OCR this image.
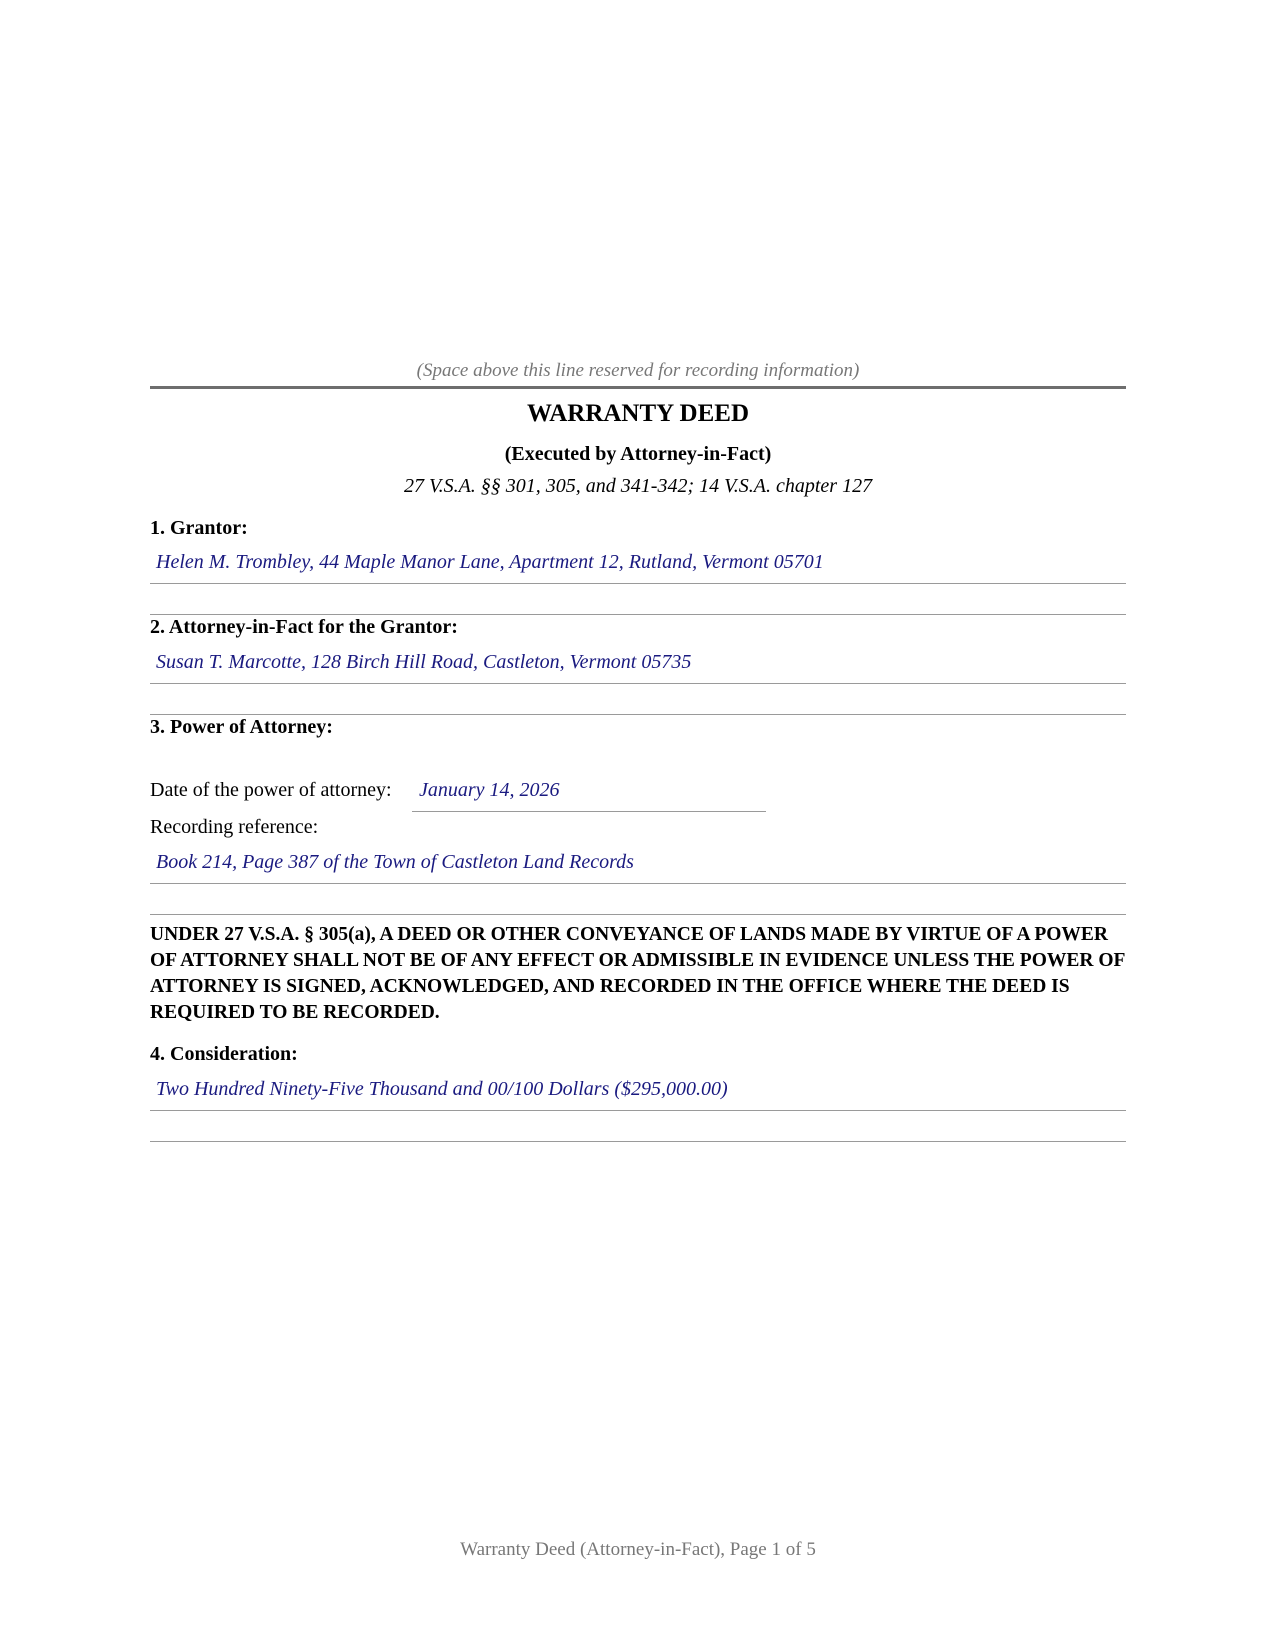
(Space above this line reserved for recording information)
WARRANTY DEED
(Executed by Attorney-in-Fact)
27 V.S.A. §§ 301, 305, and 341-342; 14 V.S.A. chapter 127
1. Grantor:
Helen M. Trombley, 44 Maple Manor Lane, Apartment 12, Rutland, Vermont 05701
2. Attorney-in-Fact for the Grantor:
Susan T. Marcotte, 128 Birch Hill Road, Castleton, Vermont 05735
3. Power of Attorney:
Date of the power of attorney: January 14, 2026
Recording reference:
Book 214, Page 387 of the Town of Castleton Land Records
UNDER 27 V.S.A. § 305(a), A DEED OR OTHER CONVEYANCE OF LANDS MADE BY VIRTUE OF A POWER OF ATTORNEY SHALL NOT BE OF ANY EFFECT OR ADMISSIBLE IN EVIDENCE UNLESS THE POWER OF ATTORNEY IS SIGNED, ACKNOWLEDGED, AND RECORDED IN THE OFFICE WHERE THE DEED IS REQUIRED TO BE RECORDED.
4. Consideration:
Two Hundred Ninety-Five Thousand and 00/100 Dollars ($295,000.00)
Warranty Deed (Attorney-in-Fact), Page 1 of 5
